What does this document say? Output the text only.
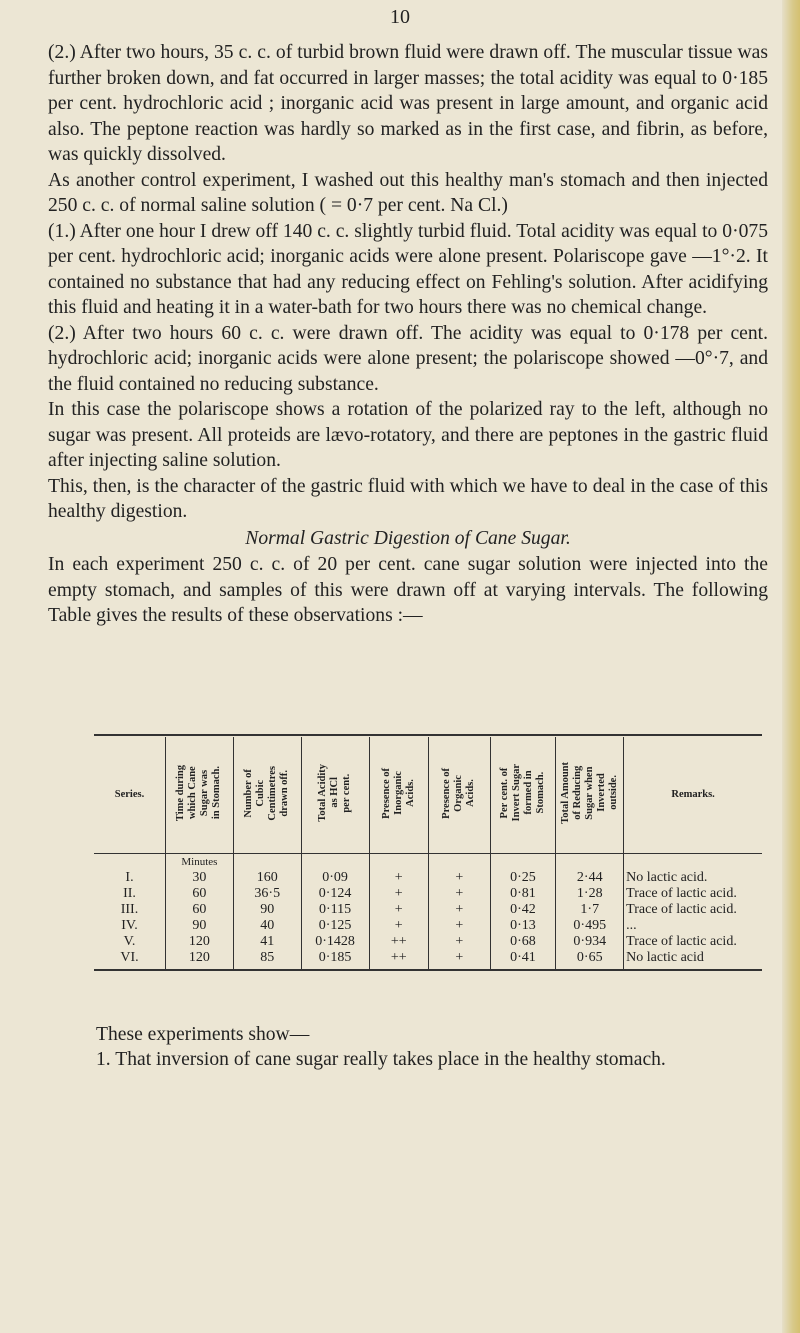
10

(2.) After two hours, 35 c. c. of turbid brown fluid were drawn off. The muscular tissue was further broken down, and fat occurred in larger masses; the total acidity was equal to 0·185 per cent. hydrochloric acid ; inorganic acid was present in large amount, and organic acid also. The peptone reaction was hardly so marked as in the first case, and fibrin, as before, was quickly dissolved.

As another control experiment, I washed out this healthy man's stomach and then injected 250 c. c. of normal saline solution ( = 0·7 per cent. Na Cl.)

(1.) After one hour I drew off 140 c. c. slightly turbid fluid. Total acidity was equal to 0·075 per cent. hydrochloric acid; inorganic acids were alone present. Polariscope gave —1°·2. It contained no substance that had any reducing effect on Fehling's solution. After acidifying this fluid and heating it in a water-bath for two hours there was no chemical change.

(2.) After two hours 60 c. c. were drawn off. The acidity was equal to 0·178 per cent. hydrochloric acid; inorganic acids were alone present; the polariscope showed —0°·7, and the fluid contained no reducing substance.

In this case the polariscope shows a rotation of the polarized ray to the left, although no sugar was present. All proteids are lævo-rotatory, and there are peptones in the gastric fluid after injecting saline solution.

This, then, is the character of the gastric fluid with which we have to deal in the case of this healthy digestion.

Normal Gastric Digestion of Cane Sugar.

In each experiment 250 c. c. of 20 per cent. cane sugar solution were injected into the empty stomach, and samples of this were drawn off at varying intervals. The following Table gives the results of these observations :—

Series.	Time during
which Cane
Sugar was
in Stomach.	Number of
Cubic
Centimetres
drawn off.	Total Acidity
as HCl
per cent.	Presence of
Inorganic
Acids.	Presence of
Organic
Acids.	Per cent. of
Invert Sugar
formed in
Stomach.	Total Amount
of Reducing
Sugar when
Inverted
outside.	Remarks.
	Minutes							
I.	30	160	0·09	+	+	0·25	2·44	No lactic acid.
II.	60	36·5	0·124	+	+	0·81	1·28	Trace of lactic acid.
III.	60	90	0·115	+	+	0·42	1·7	Trace of lactic acid.
IV.	90	40	0·125	+	+	0·13	0·495	...
V.	120	41	0·1428	++	+	0·68	0·934	Trace of lactic acid.
VI.	120	85	0·185	++	+	0·41	0·65	No lactic acid

These experiments show—

1. That inversion of cane sugar really takes place in the healthy stomach.
